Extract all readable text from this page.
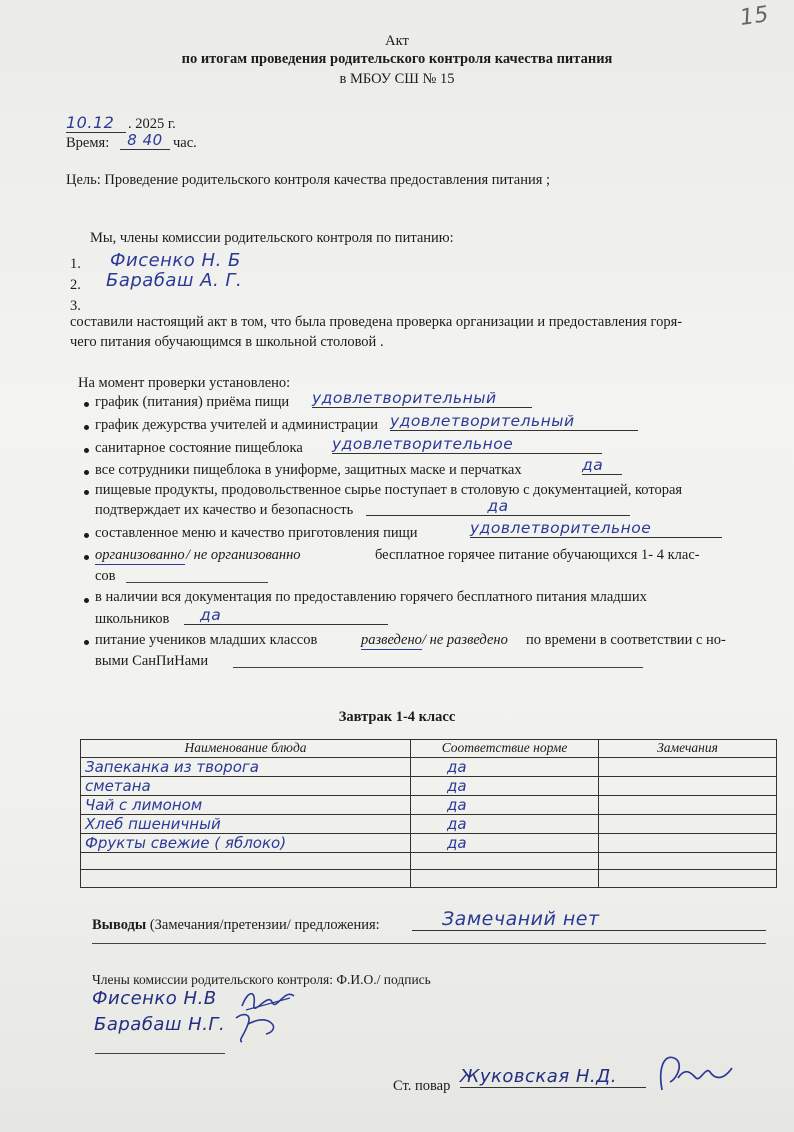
15
Акт
по итогам проведения родительского контроля качества питания
в МБОУ СШ № 15
10.12 . 2025 г.
Время:	8 40 час.
Цель: Проведение родительского контроля качества предоставления питания ;
Мы, члены комиссии родительского контроля по питанию:
1. Фисенко Н. Б
2. Барабаш А. Г.
3.
составили настоящий акт в том, что была проведена проверка организации и предоставления горя-
чего питания обучающимся в школьной столовой .
На момент проверки установлено:
график (питания) приёма пищи удовлетворительный
график дежурства учителей и администрации удовлетворительный
санитарное состояние пищеблока удовлетворительное
все сотрудники пищеблока в униформе, защитных маске и перчатках	да
пищевые продукты, продовольственное сырье поступает в столовую с документацией, которая
подтверждает их качество и безопасность	да
составленное меню и качество приготовления пищи	удовлетворительное
организованно / не организованно	бесплатное горячее питание обучающихся 1- 4 клас-
сов
в наличии вся документация по предоставлению горячего бесплатного питания младших
школьников	да
питание учеников младших классов	разведено / не разведено по времени в соответствии с но-
выми СанПиНами
Завтрак 1-4 класс
Наименование блюда	Соответствие норме	Замечания
Запеканка из творога	да	
сметана	да	
Чай с лимоном	да	
Хлеб пшеничный	да	
Фрукты свежие ( яблоко)	да	

Выводы (Замечания/претензии/ предложения:	Замечаний нет
Члены комиссии родительского контроля: Ф.И.О./ подпись
Фисенко Н.В
Барабаш Н.Г.
Ст. повар Жуковская Н.Д.
